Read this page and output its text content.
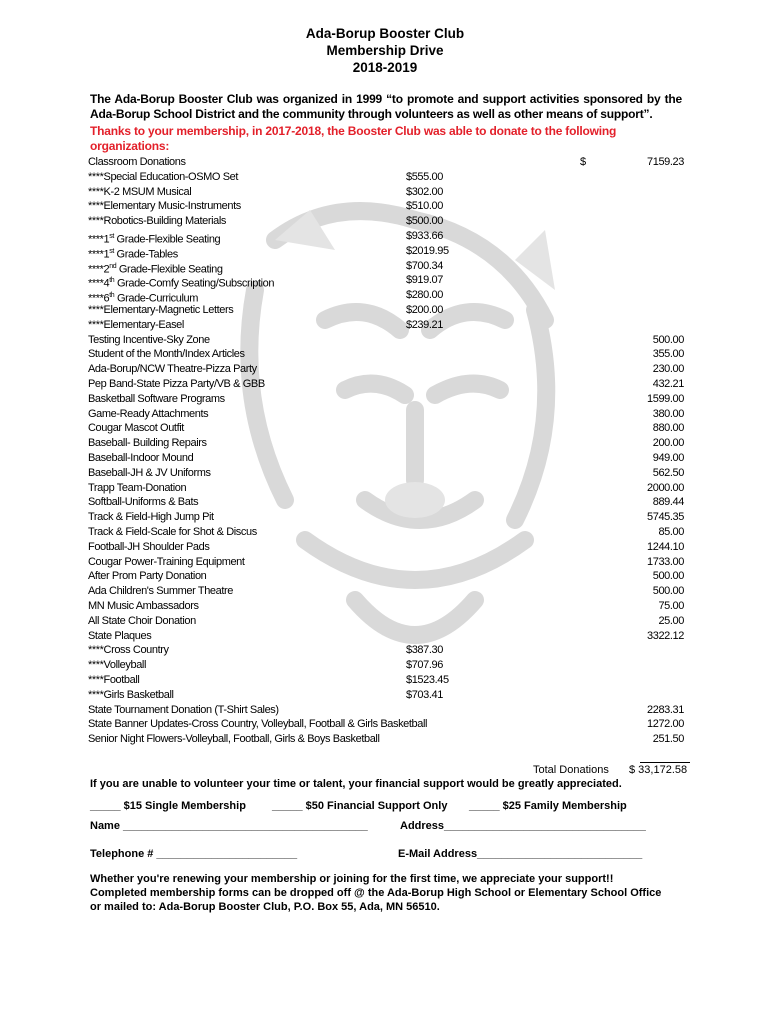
Ada-Borup Booster Club
Membership Drive
2018-2019
The Ada-Borup Booster Club was organized in 1999 “to promote and support activities sponsored by the Ada-Borup School District and the community through volunteers as well as other means of support”.
Thanks to your membership, in 2017-2018, the Booster Club was able to donate to the following organizations:
Classroom Donations	$	7159.23
****Special Education-OSMO Set	$555.00
****K-2 MSUM Musical	$302.00
****Elementary Music-Instruments	$510.00
****Robotics-Building Materials	$500.00
****1st Grade-Flexible Seating	$933.66
****1st Grade-Tables	$2019.95
****2nd Grade-Flexible Seating	$700.34
****4th Grade-Comfy Seating/Subscription	$919.07
****6th Grade-Curriculum	$280.00
****Elementary-Magnetic Letters	$200.00
****Elementary-Easel	$239.21
Testing Incentive-Sky Zone	500.00
Student of the Month/Index Articles	355.00
Ada-Borup/NCW Theatre-Pizza Party	230.00
Pep Band-State Pizza Party/VB & GBB	432.21
Basketball Software Programs	1599.00
Game-Ready Attachments	380.00
Cougar Mascot Outfit	880.00
Baseball- Building Repairs	200.00
Baseball-Indoor Mound	949.00
Baseball-JH & JV Uniforms	562.50
Trapp Team-Donation	2000.00
Softball-Uniforms & Bats	889.44
Track & Field-High Jump Pit	5745.35
Track & Field-Scale for Shot & Discus	85.00
Football-JH Shoulder Pads	1244.10
Cougar Power-Training Equipment	1733.00
After Prom Party Donation	500.00
Ada Children's Summer Theatre	500.00
MN Music Ambassadors	75.00
All State Choir Donation	25.00
State Plaques	3322.12
****Cross Country	$387.30
****Volleyball	$707.96
****Football	$1523.45
****Girls Basketball	$703.41
State Tournament Donation (T-Shirt Sales)	2283.31
State Banner Updates-Cross Country, Volleyball, Football & Girls Basketball	1272.00
Senior Night Flowers-Volleyball, Football, Girls & Boys Basketball	251.50
Total Donations $ 33,172.58
If you are unable to volunteer your time or talent, your financial support would be greatly appreciated.
_____ $15 Single Membership _____ $50 Financial Support Only _____ $25 Family Membership
Name ________________________________________	Address_________________________________
Telephone # _______________________	E-Mail Address___________________________
Whether you're renewing your membership or joining for the first time, we appreciate your support!!
Completed membership forms can be dropped off @ the Ada-Borup High School or Elementary School Office
or mailed to: Ada-Borup Booster Club, P.O. Box 55, Ada, MN 56510.
